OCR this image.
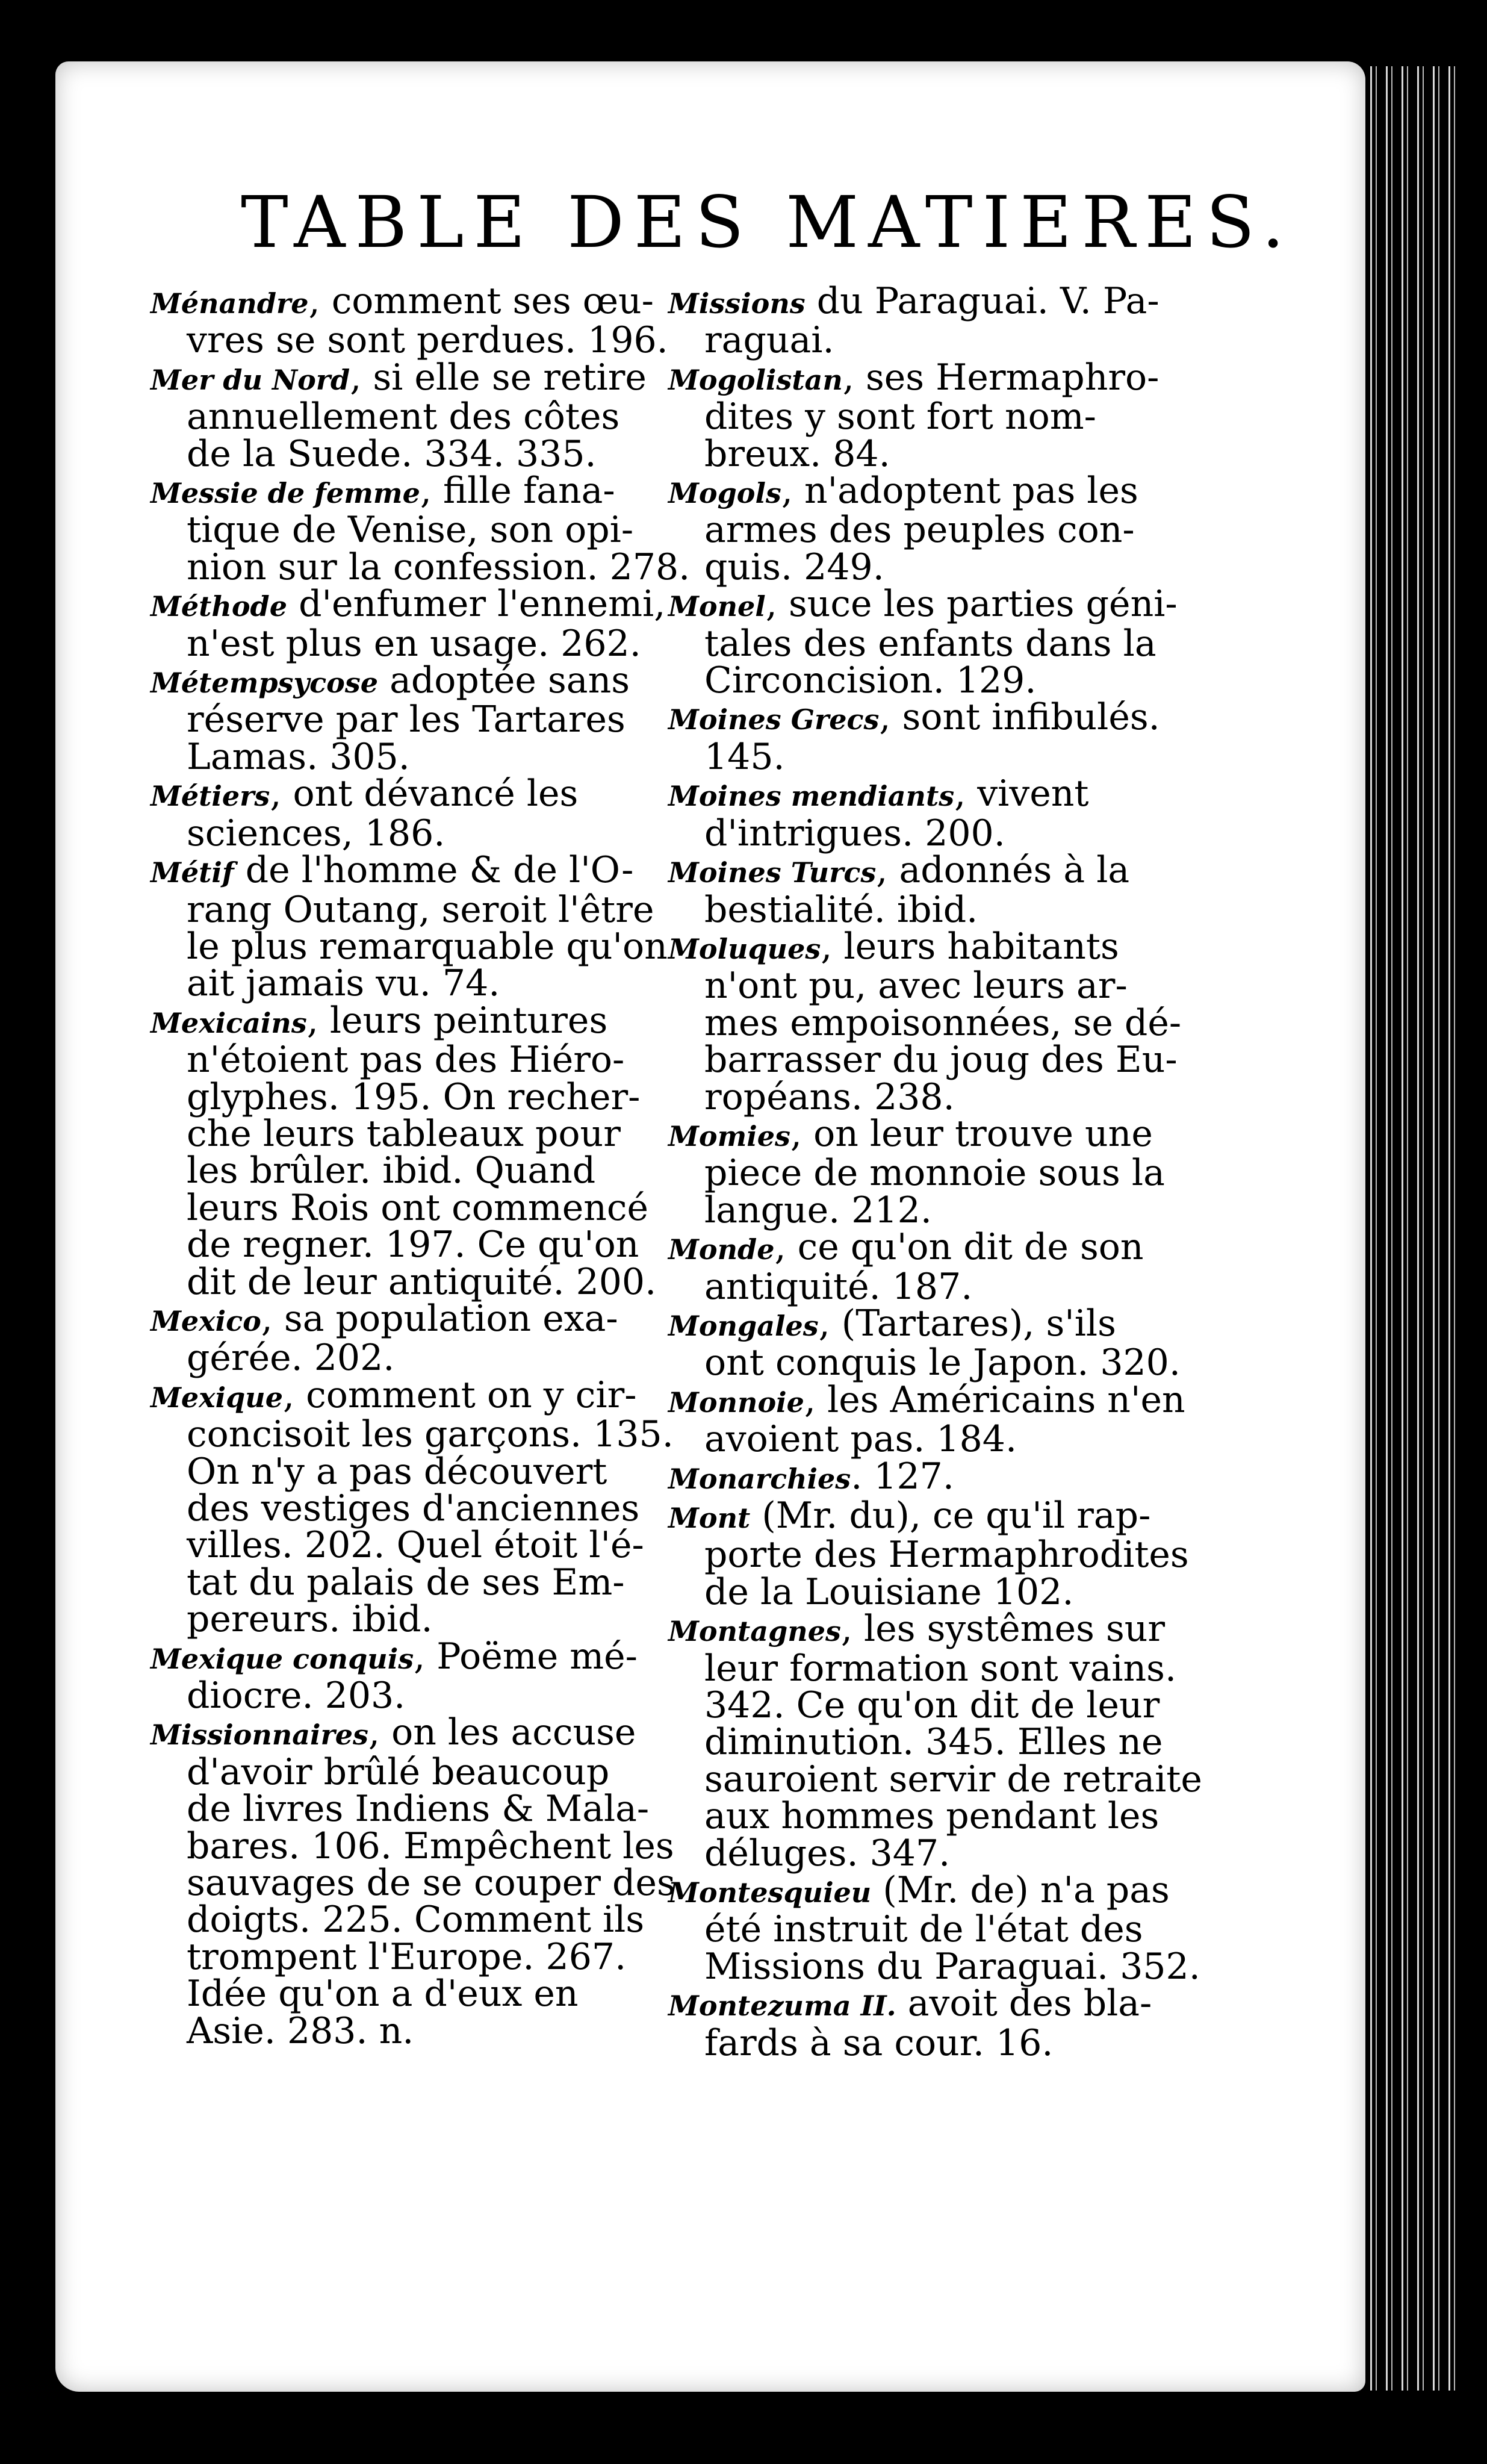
TABLE DES MATIERES.
Ménandre, comment ses œu-
vres se sont perdues. 196.
Mer du Nord, si elle se retire
annuellement des côtes
de la Suede. 334. 335.
Messie de femme, fille fana-
tique de Venise, son opi-
nion sur la confession. 278.
Méthode d'enfumer l'ennemi,
n'est plus en usage. 262.
Métempsycose adoptée sans
réserve par les Tartares
Lamas. 305.
Métiers, ont dévancé les
sciences, 186.
Métif de l'homme & de l'O-
rang Outang, seroit l'être
le plus remarquable qu'on
ait jamais vu. 74.
Mexicains, leurs peintures
n'étoient pas des Hiéro-
glyphes. 195. On recher-
che leurs tableaux pour
les brûler. ibid. Quand
leurs Rois ont commencé
de regner. 197. Ce qu'on
dit de leur antiquité. 200.
Mexico, sa population exa-
gérée. 202.
Mexique, comment on y cir-
concisoit les garçons. 135.
On n'y a pas découvert
des vestiges d'anciennes
villes. 202. Quel étoit l'é-
tat du palais de ses Em-
pereurs. ibid.
Mexique conquis, Poëme mé-
diocre. 203.
Missionnaires, on les accuse
d'avoir brûlé beaucoup
de livres Indiens & Mala-
bares. 106. Empêchent les
sauvages de se couper des
doigts. 225. Comment ils
trompent l'Europe. 267.
Idée qu'on a d'eux en
Asie. 283. n.
Missions du Paraguai. V. Pa-
raguai.
Mogolistan, ses Hermaphro-
dites y sont fort nom-
breux. 84.
Mogols, n'adoptent pas les
armes des peuples con-
quis. 249.
Monel, suce les parties géni-
tales des enfants dans la
Circoncision. 129.
Moines Grecs, sont infibulés.
145.
Moines mendiants, vivent
d'intrigues. 200.
Moines Turcs, adonnés à la
bestialité. ibid.
Moluques, leurs habitants
n'ont pu, avec leurs ar-
mes empoisonnées, se dé-
barrasser du joug des Eu-
ropéans. 238.
Momies, on leur trouve une
piece de monnoie sous la
langue. 212.
Monde, ce qu'on dit de son
antiquité. 187.
Mongales, (Tartares), s'ils
ont conquis le Japon. 320.
Monnoie, les Américains n'en
avoient pas. 184.
Monarchies. 127.
Mont (Mr. du), ce qu'il rap-
porte des Hermaphrodites
de la Louisiane 102.
Montagnes, les systêmes sur
leur formation sont vains.
342. Ce qu'on dit de leur
diminution. 345. Elles ne
sauroient servir de retraite
aux hommes pendant les
déluges. 347.
Montesquieu (Mr. de) n'a pas
été instruit de l'état des
Missions du Paraguai. 352.
Montezuma II. avoit des bla-
fards à sa cour. 16.
